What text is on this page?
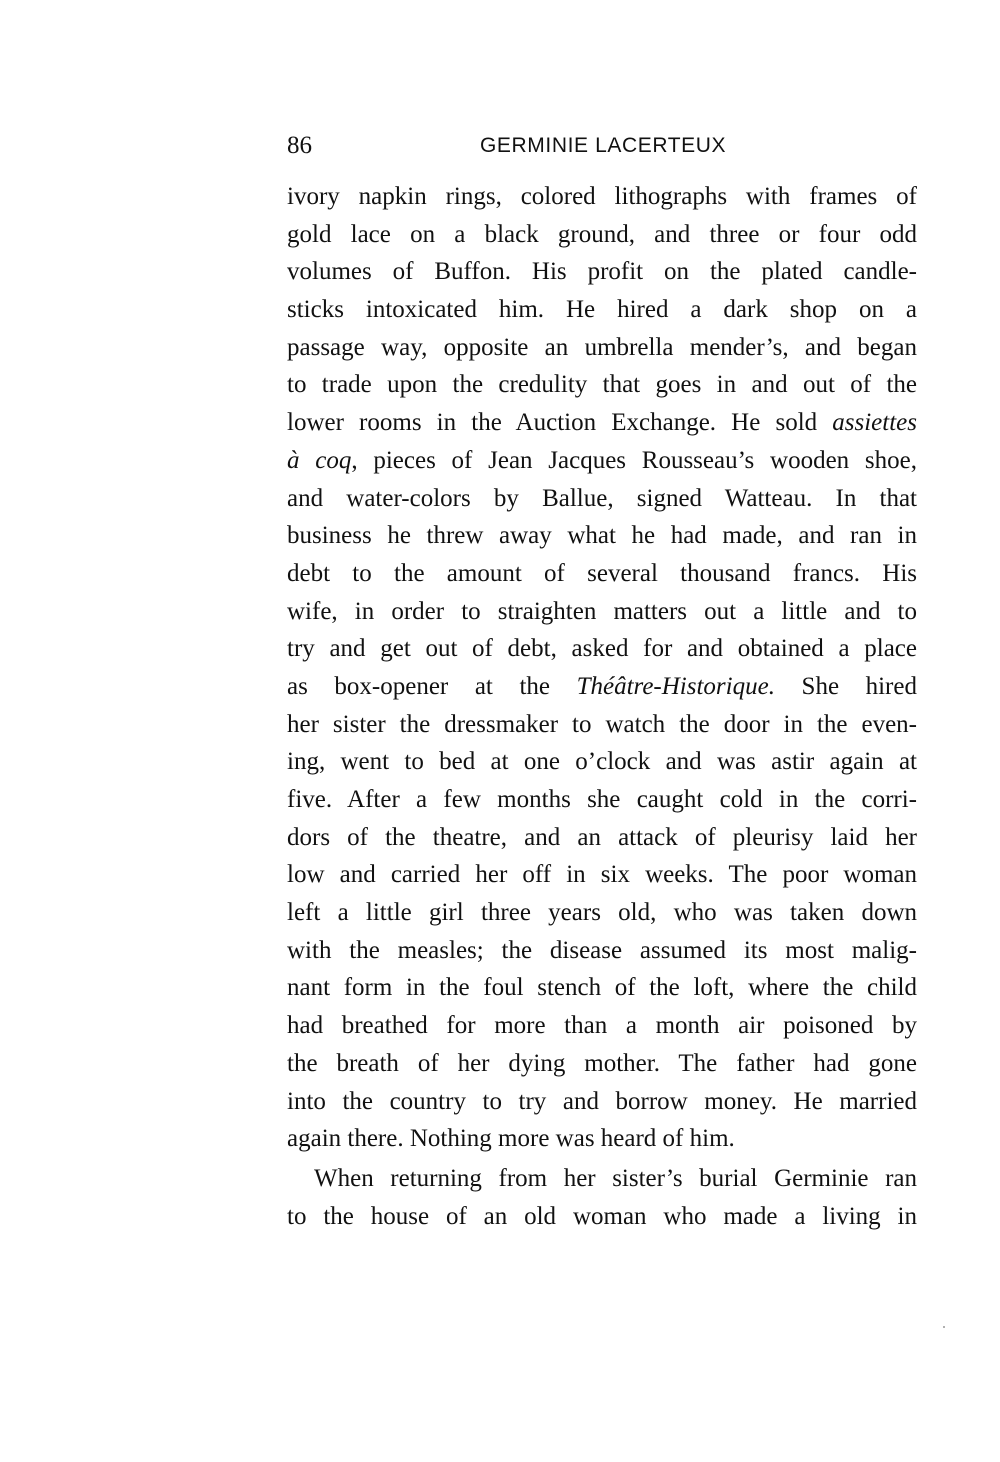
86	GERMINIE LACERTEUX
ivory napkin rings, colored lithographs with frames of
gold lace on a black ground, and three or four odd
volumes of Buffon. His profit on the plated candle-
sticks intoxicated him. He hired a dark shop on a
passage way, opposite an umbrella mender’s, and began
to trade upon the credulity that goes in and out of the
lower rooms in the Auction Exchange. He sold assiettes
à coq, pieces of Jean Jacques Rousseau’s wooden shoe,
and water-colors by Ballue, signed Watteau. In that
business he threw away what he had made, and ran in
debt to the amount of several thousand francs. His
wife, in order to straighten matters out a little and to
try and get out of debt, asked for and obtained a place
as box-opener at the Théâtre-Historique. She hired
her sister the dressmaker to watch the door in the even-
ing, went to bed at one o’clock and was astir again at
five. After a few months she caught cold in the corri-
dors of the theatre, and an attack of pleurisy laid her
low and carried her off in six weeks. The poor woman
left a little girl three years old, who was taken down
with the measles; the disease assumed its most malig-
nant form in the foul stench of the loft, where the child
had breathed for more than a month air poisoned by
the breath of her dying mother. The father had gone
into the country to try and borrow money. He married
again there. Nothing more was heard of him.
When returning from her sister’s burial Germinie ran
to the house of an old woman who made a living in
